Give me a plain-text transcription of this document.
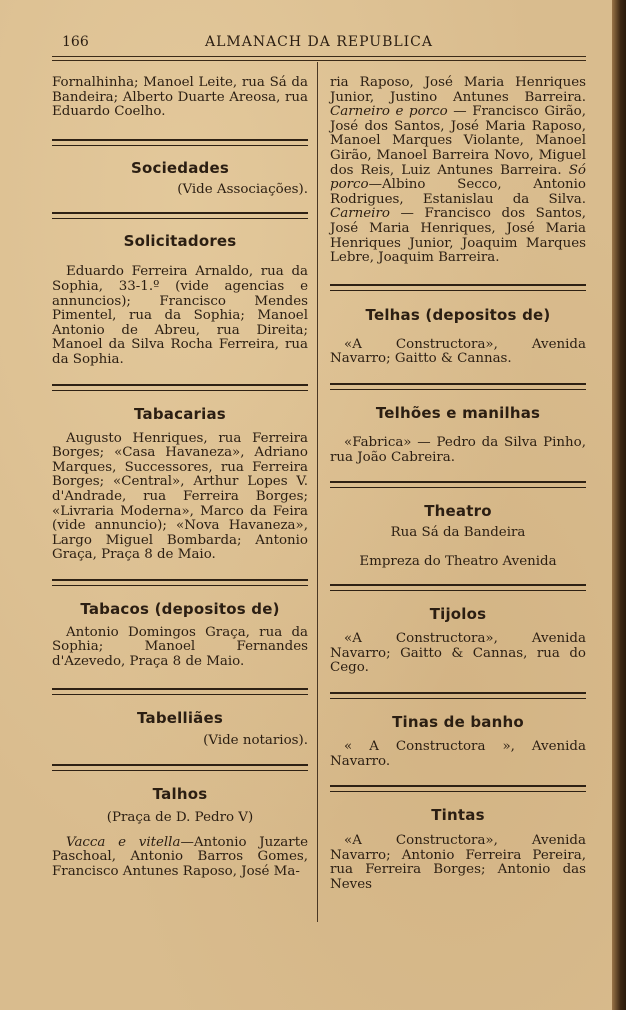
166	ALMANACH DA REPUBLICA

Fornalhinha; Manoel Leite, rua Sá da Bandeira; Alberto Duarte Areosa, rua Eduardo Coelho.

Sociedades

(Vide Associações).

Solicitadores

Eduardo Ferreira Arnaldo, rua da Sophia, 33-1.º (vide agencias e annuncios); Francisco Mendes Pimentel, rua da Sophia; Manoel Antonio de Abreu, rua Direita; Manoel da Silva Rocha Ferreira, rua da Sophia.

Tabacarias

Augusto Henriques, rua Ferreira Borges; «Casa Havaneza», Adriano Marques, Successores, rua Ferreira Borges; «Central», Arthur Lopes V. d'Andrade, rua Ferreira Borges; «Livraria Moderna», Marco da Feira (vide annuncio); «Nova Havaneza», Largo Miguel Bombarda; Antonio Graça, Praça 8 de Maio.

Tabacos (depositos de)

Antonio Domingos Graça, rua da Sophia; Manoel Fernandes d'Azevedo, Praça 8 de Maio.

Tabelliães

(Vide notarios).

Talhos

(Praça de D. Pedro V)

Vacca e vitella—Antonio Juzarte Paschoal, Antonio Barros Gomes, Francisco Antunes Raposo, José Ma-

ria Raposo, José Maria Henriques Junior, Justino Antunes Barreira. Carneiro e porco — Francisco Girão, José dos Santos, José Maria Raposo, Manoel Marques Violante, Manoel Girão, Manoel Barreira Novo, Miguel dos Reis, Luiz Antunes Barreira. Só porco—Albino Secco, Antonio Rodrigues, Estanislau da Silva. Carneiro — Francisco dos Santos, José Maria Henriques, José Maria Henriques Junior, Joaquim Marques Lebre, Joaquim Barreira.

Telhas (depositos de)

«A Constructora», Avenida Navarro; Gaitto & Cannas.

Telhões e manilhas

«Fabrica» — Pedro da Silva Pinho, rua João Cabreira.

Theatro

Rua Sá da Bandeira

Empreza do Theatro Avenida

Tijolos

«A Constructora», Avenida Navarro; Gaitto & Cannas, rua do Cego.

Tinas de banho

« A Constructora », Avenida Navarro.

Tintas

«A Constructora», Avenida Navarro; Antonio Ferreira Pereira, rua Ferreira Borges; Antonio das Neves
